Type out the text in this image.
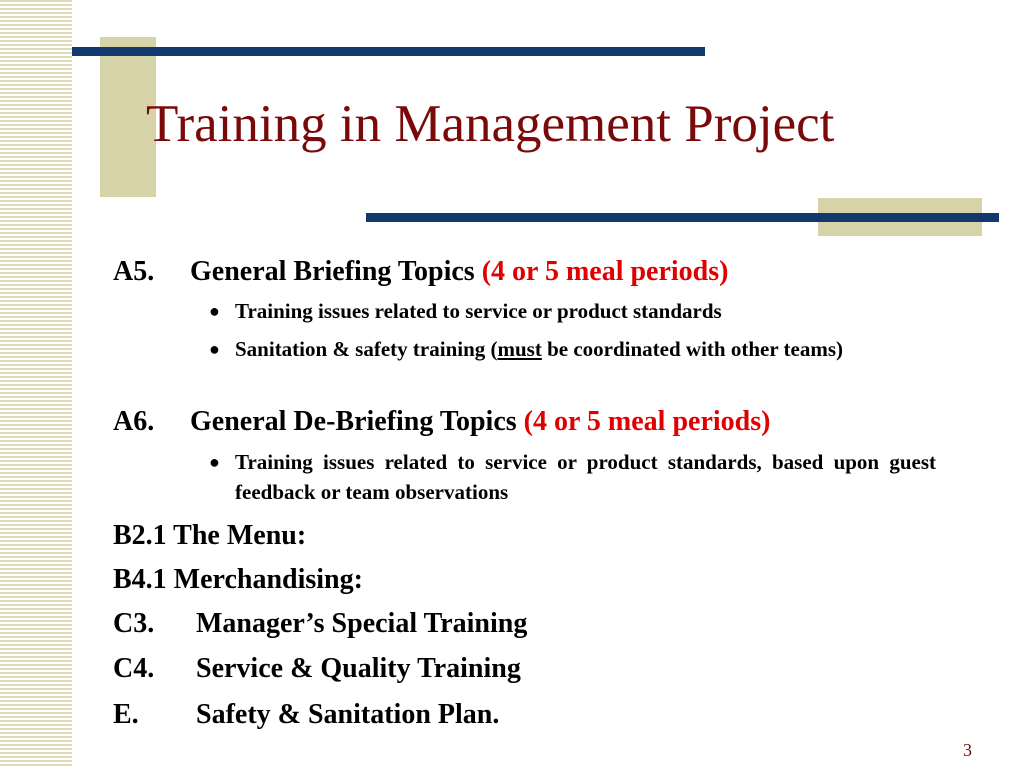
Training in Management Project
A5. General Briefing Topics (4 or 5 meal periods)
● Training issues related to service or product standards
● Sanitation & safety training (must be coordinated with other teams)
A6. General De-Briefing Topics (4 or 5 meal periods)
● Training issues related to service or product standards, based upon guest feedback or team observations
B2.1 The Menu:
B4.1 Merchandising:
C3. Manager’s Special Training
C4. Service & Quality Training
E. Safety & Sanitation Plan.
3
